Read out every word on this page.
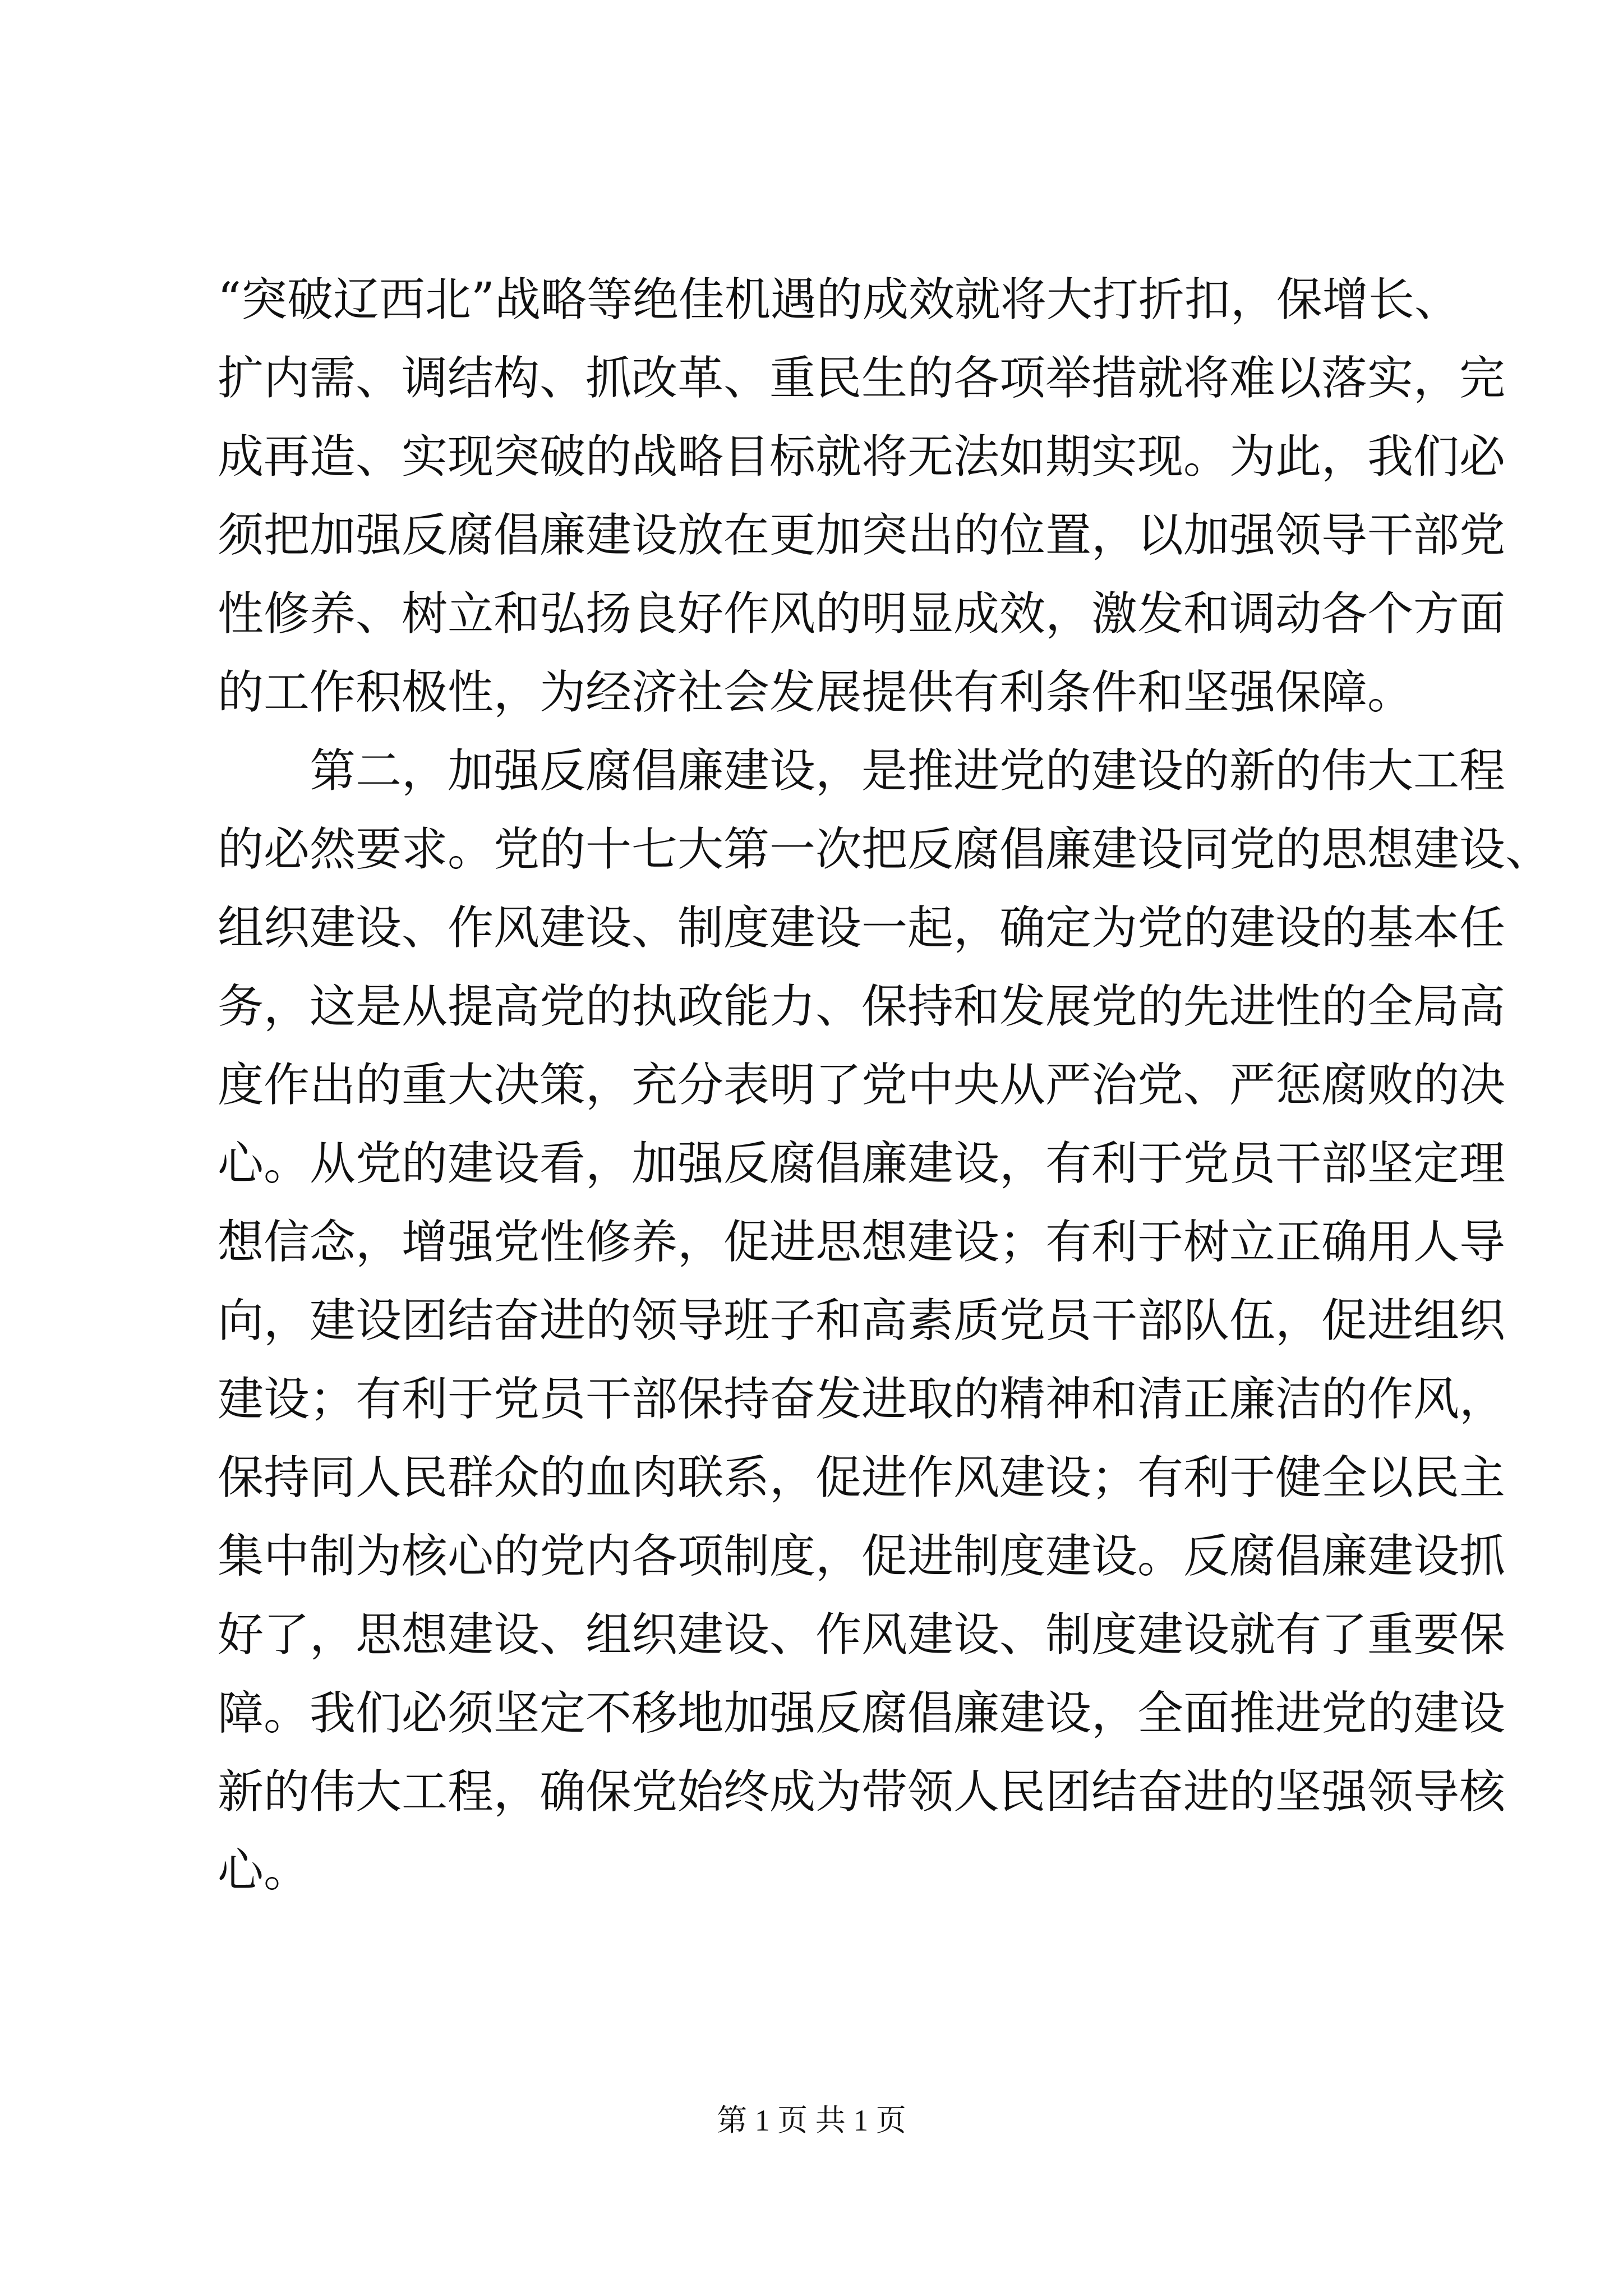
“突破辽西北”战略等绝佳机遇的成效就将大打折扣，保增长、
扩内需、调结构、抓改革、重民生的各项举措就将难以落实，完
成再造、实现突破的战略目标就将无法如期实现。为此，我们必
须把加强反腐倡廉建设放在更加突出的位置，以加强领导干部党
性修养、树立和弘扬良好作风的明显成效，激发和调动各个方面
的工作积极性，为经济社会发展提供有利条件和坚强保障。
第二，加强反腐倡廉建设，是推进党的建设的新的伟大工程
的必然要求。党的十七大第一次把反腐倡廉建设同党的思想建设、
组织建设、作风建设、制度建设一起，确定为党的建设的基本任
务，这是从提高党的执政能力、保持和发展党的先进性的全局高
度作出的重大决策，充分表明了党中央从严治党、严惩腐败的决
心。从党的建设看，加强反腐倡廉建设，有利于党员干部坚定理
想信念，增强党性修养，促进思想建设；有利于树立正确用人导
向，建设团结奋进的领导班子和高素质党员干部队伍，促进组织
建设；有利于党员干部保持奋发进取的精神和清正廉洁的作风，
保持同人民群众的血肉联系，促进作风建设；有利于健全以民主
集中制为核心的党内各项制度，促进制度建设。反腐倡廉建设抓
好了，思想建设、组织建设、作风建设、制度建设就有了重要保
障。我们必须坚定不移地加强反腐倡廉建设，全面推进党的建设
新的伟大工程，确保党始终成为带领人民团结奋进的坚强领导核
心。
第 1 页 共 1 页
